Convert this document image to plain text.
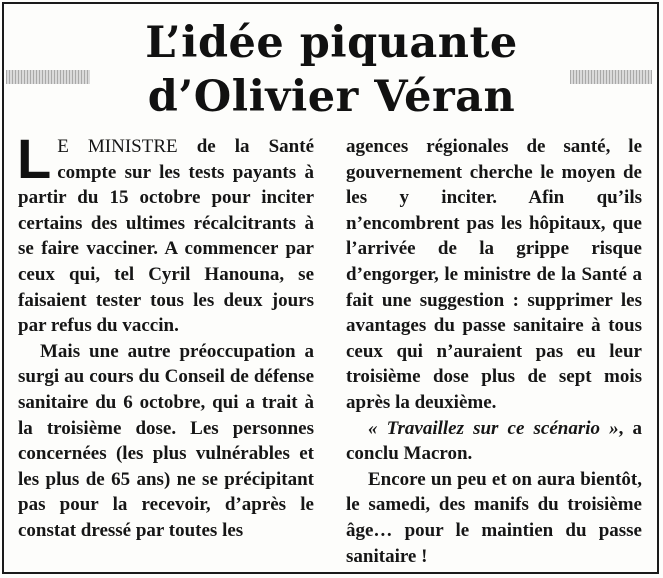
L’idée piquante
d’Olivier Véran

L E MINISTRE de la Santé compte sur les tests payants à partir du 15 octobre pour inciter certains des ultimes récalcitrants à se faire vacciner. A commencer par ceux qui, tel Cyril Hanouna, se faisaient tester tous les deux jours par refus du vaccin.

Mais une autre préoccupation a surgi au cours du Conseil de défense sanitaire du 6 octobre, qui a trait à la troisième dose. Les personnes concernées (les plus vulnérables et les plus de 65 ans) ne se précipitant pas pour la recevoir, d’après le constat dressé par toutes les

agences régionales de santé, le gouvernement cherche le moyen de les y inciter. Afin qu’ils n’encombrent pas les hôpitaux, que l’arrivée de la grippe risque d’engorger, le ministre de la Santé a fait une suggestion : supprimer les avantages du passe sanitaire à tous ceux qui n’auraient pas eu leur troisième dose plus de sept mois après la deuxième.

« Travaillez sur ce scénario », a conclu Macron.

Encore un peu et on aura bientôt, le samedi, des manifs du troisième âge… pour le maintien du passe sanitaire !
